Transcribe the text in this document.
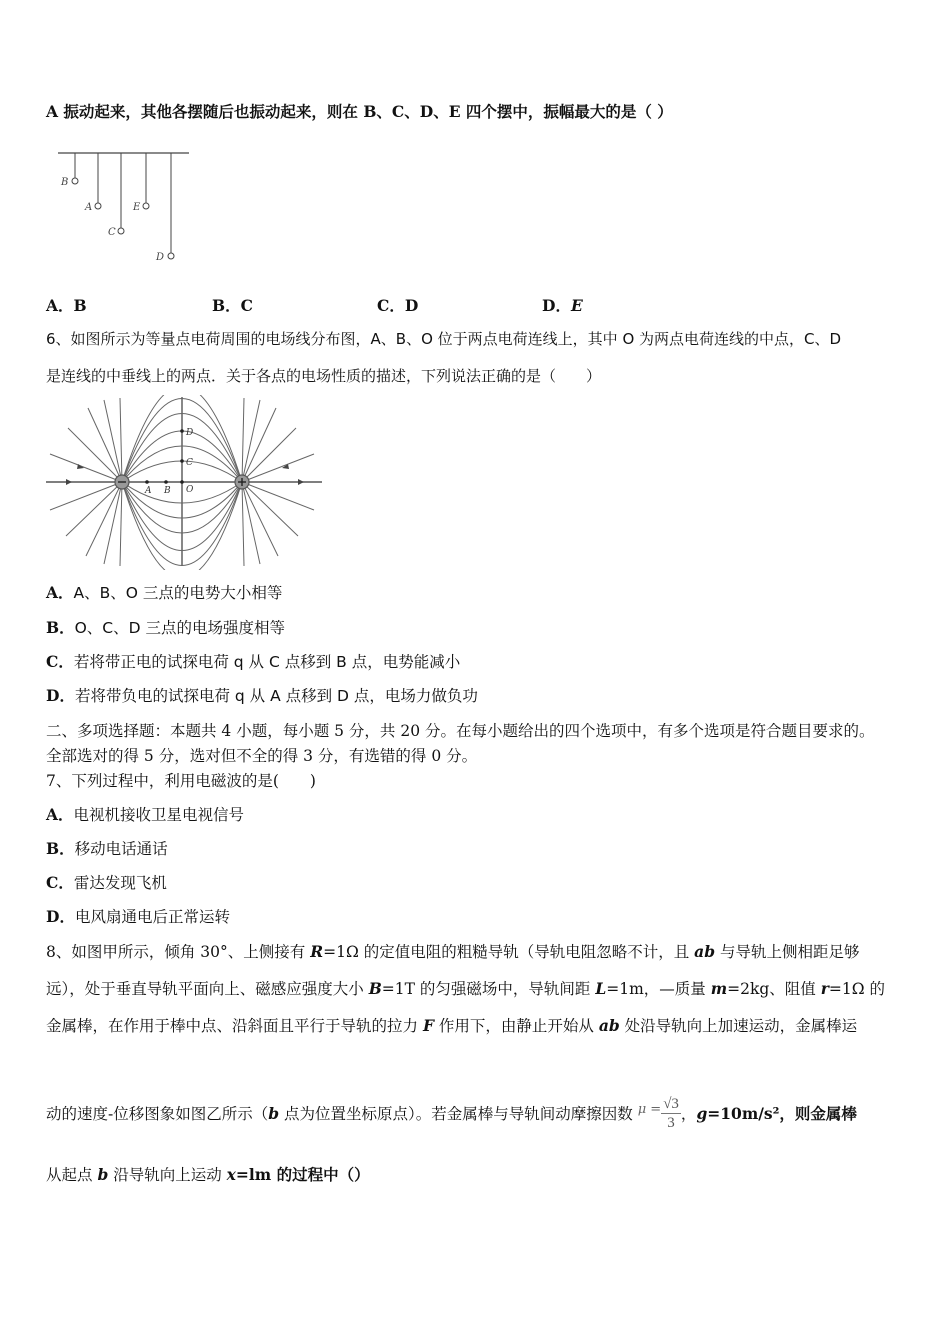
A 振动起来，其他各摆随后也振动起来，则在 B、C、D、E 四个摆中，振幅最大的是（ ）
B
A
C
E
D
A．B	B．C	C．D	D．E
6、如图所示为等量点电荷周围的电场线分布图，A、B、O 位于两点电荷连线上，其中 O 为两点电荷连线的中点，C、D
是连线的中垂线上的两点．关于各点的电场性质的描述，下列说法正确的是（　　）
A B O
C
D
A．A、B、O 三点的电势大小相等
B．O、C、D 三点的电场强度相等
C．若将带正电的试探电荷 q 从 C 点移到 B 点，电势能减小
D．若将带负电的试探电荷 q 从 A 点移到 D 点，电场力做负功
二、多项选择题：本题共 4 小题，每小题 5 分，共 20 分。在每小题给出的四个选项中，有多个选项是符合题目要求的。
全部选对的得 5 分，选对但不全的得 3 分，有选错的得 0 分。
7、下列过程中，利用电磁波的是(　　)
A．电视机接收卫星电视信号
B．移动电话通话
C．雷达发现飞机
D．电风扇通电后正常运转
8、如图甲所示，倾角 30°、上侧接有 R=1Ω 的定值电阻的粗糙导轨（导轨电阻忽略不计，且 ab 与导轨上侧相距足够
远），处于垂直导轨平面向上、磁感应强度大小 B=1T 的匀强磁场中，导轨间距 L=1m，—质量 m=2kg、阻值 r=1Ω 的
金属棒，在作用于棒中点、沿斜面且平行于导轨的拉力 F 作用下，由静止开始从 ab 处沿导轨向上加速运动，金属棒运
动的速度-位移图象如图乙所示（b 点为位置坐标原点）。若金属棒与导轨间动摩擦因数 $^{\mu =} \frac{√3}{3}$ ，g=10m/s²，则金属棒
从起点 b 沿导轨向上运动 x=lm 的过程中（）
